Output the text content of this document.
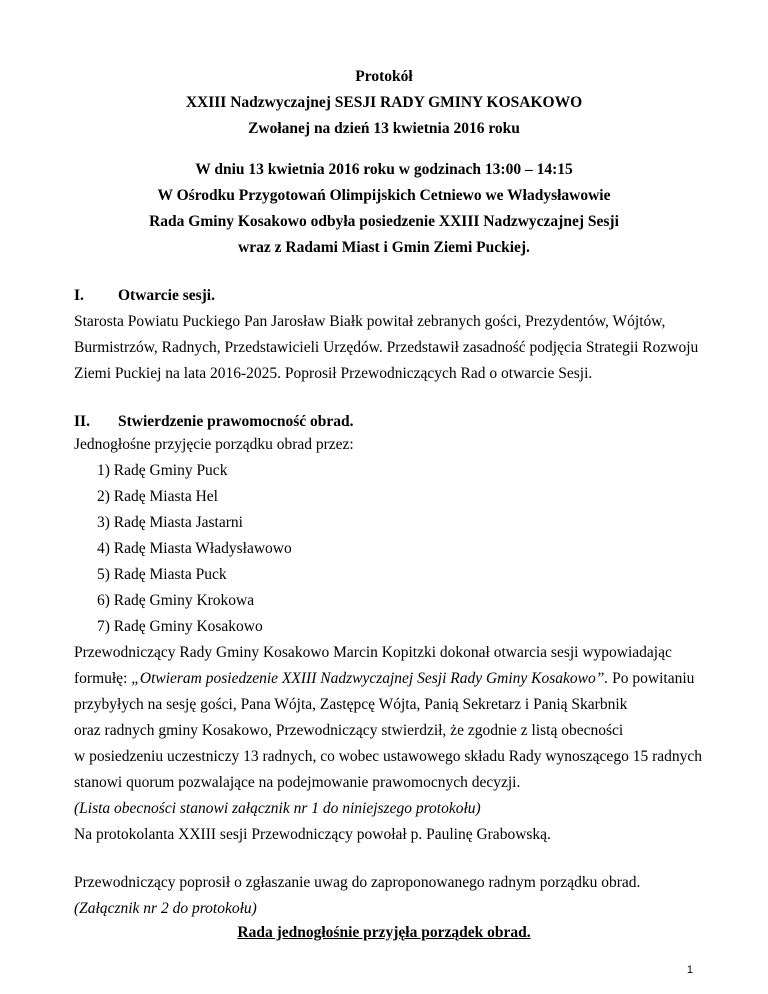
Protokół
XXIII Nadzwyczajnej SESJI RADY GMINY KOSAKOWO
Zwołanej na dzień 13 kwietnia 2016 roku
W dniu 13 kwietnia 2016 roku w godzinach 13:00 – 14:15
W Ośrodku Przygotowań Olimpijskich Cetniewo we Władysławowie
Rada Gminy Kosakowo odbyła posiedzenie XXIII Nadzwyczajnej Sesji
wraz z Radami Miast i Gmin Ziemi Puckiej.
I. Otwarcie sesji.
Starosta Powiatu Puckiego Pan Jarosław Białk powitał zebranych gości, Prezydentów, Wójtów,
Burmistrzów, Radnych, Przedstawicieli Urzędów. Przedstawił zasadność podjęcia Strategii Rozwoju
Ziemi Puckiej na lata 2016-2025. Poprosił Przewodniczących Rad o otwarcie Sesji.
II. Stwierdzenie prawomocność obrad.
Jednogłośne przyjęcie porządku obrad przez:
1) Radę Gminy Puck
2) Radę Miasta Hel
3) Radę Miasta Jastarni
4) Radę Miasta Władysławowo
5) Radę Miasta Puck
6) Radę Gminy Krokowa
7) Radę Gminy Kosakowo
Przewodniczący Rady Gminy Kosakowo Marcin Kopitzki dokonał otwarcia sesji wypowiadając
formułę: „Otwieram posiedzenie XXIII Nadzwyczajnej Sesji Rady Gminy Kosakowo”. Po powitaniu
przybyłych na sesję gości, Pana Wójta, Zastępcę Wójta, Panią Sekretarz i Panią Skarbnik
oraz radnych gminy Kosakowo, Przewodniczący stwierdził, że zgodnie z listą obecności
w posiedzeniu uczestniczy 13 radnych, co wobec ustawowego składu Rady wynoszącego 15 radnych
stanowi quorum pozwalające na podejmowanie prawomocnych decyzji.
(Lista obecności stanowi załącznik nr 1 do niniejszego protokołu)
Na protokolanta XXIII sesji Przewodniczący powołał p. Paulinę Grabowską.
Przewodniczący poprosił o zgłaszanie uwag do zaproponowanego radnym porządku obrad.
(Załącznik nr 2 do protokołu)
Rada jednogłośnie przyjęła porządek obrad.
1
